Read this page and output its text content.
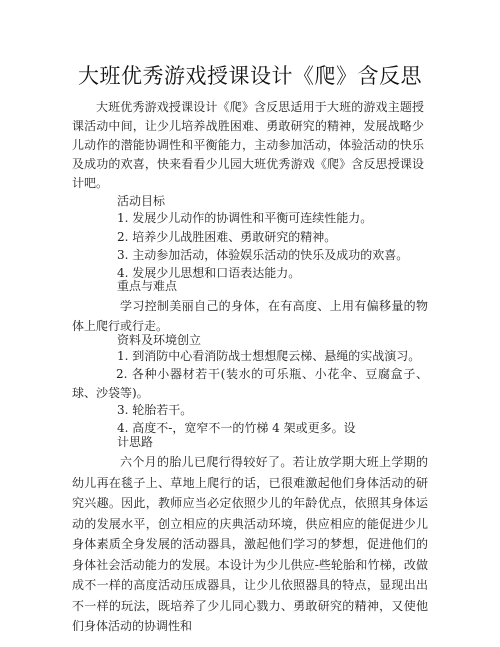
大班优秀游戏授课设计《爬》含反思
大班优秀游戏授课设计《爬》含反思适用于大班的游戏主题授课活动中间，让少儿培养战胜困难、勇敢研究的精神，发展战略少儿动作的潜能协调性和平衡能力，主动参加活动，体验活动的快乐及成功的欢喜，快来看看少儿园大班优秀游戏《爬》含反思授课设计吧。
活动目标
1. 发展少儿动作的协调性和平衡可连续性能力。
2. 培养少儿战胜困难、勇敢研究的精神。
3. 主动参加活动，体验娱乐活动的快乐及成功的欢喜。
4. 发展少儿思想和口语表达能力。
重点与难点
学习控制美丽自己的身体，在有高度、上用有偏移量的物体上爬行或行走。
资料及环境创立
1. 到消防中心看消防战士想想爬云梯、悬绳的实战演习。
2. 各种小器材若干(装水的可乐瓶、小花伞、豆腐盒子、球、沙袋等)。
3. 轮胎若干。
4. 高度不-，宽窄不一的竹梯 4 架或更多。设
计思路
六个月的胎儿已爬行得较好了。若让放学期大班上学期的幼儿再在毯子上、草地上爬行的话，已很难激起他们身体活动的研究兴趣。因此，教师应当必定依照少儿的年龄优点，依照其身体运动的发展水平，创立相应的庆典活动环境，供应相应的能促进少儿身体素质全身发展的活动器具，激起他们学习的梦想，促进他们的身体社会活动能力的发展。本设计为少儿供应-些轮胎和竹梯，改做成不一样的高度活动压成器具，让少儿依照器具的特点，显现出出不一样的玩法，既培养了少儿同心戮力、勇敢研究的精神，又使他们身体活动的协调性和
